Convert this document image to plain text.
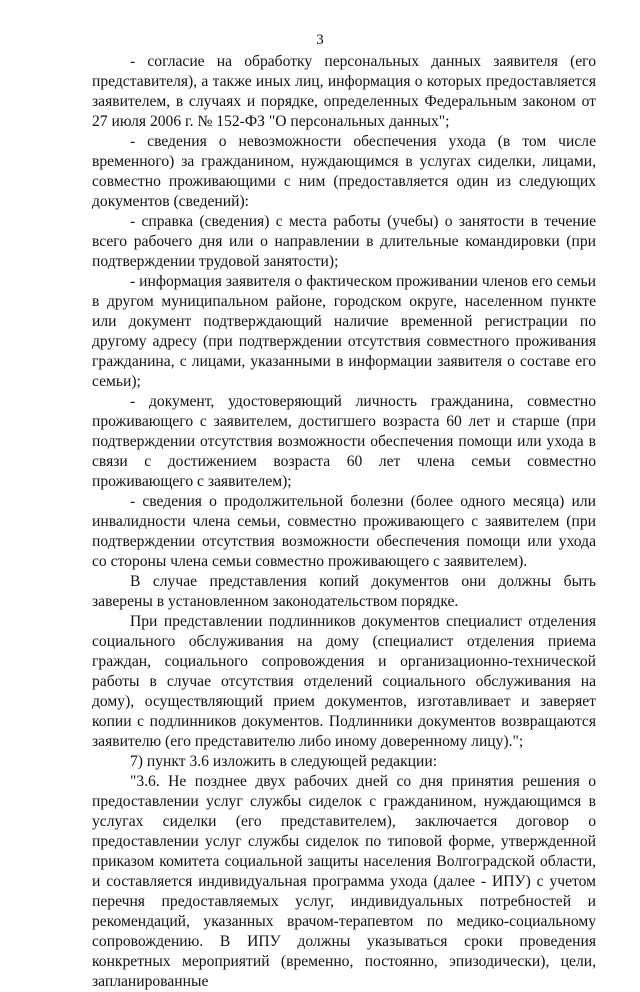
3

- согласие на обработку персональных данных заявителя (его представителя), а также иных лиц, информация о которых предоставляется заявителем, в случаях и порядке, определенных Федеральным законом от 27 июля 2006 г. № 152-ФЗ "О персональных данных";

- сведения о невозможности обеспечения ухода (в том числе временного) за гражданином, нуждающимся в услугах сиделки, лицами, совместно проживающими с ним (предоставляется один из следующих документов (сведений):

- справка (сведения) с места работы (учебы) о занятости в течение всего рабочего дня или о направлении в длительные командировки (при подтверждении трудовой занятости);

- информация заявителя о фактическом проживании членов его семьи в другом муниципальном районе, городском округе, населенном пункте или документ подтверждающий наличие временной регистрации по другому адресу (при подтверждении отсутствия совместного проживания гражданина, с лицами, указанными в информации заявителя о составе его семьи);

- документ, удостоверяющий личность гражданина, совместно проживающего с заявителем, достигшего возраста 60 лет и старше (при подтверждении отсутствия возможности обеспечения помощи или ухода в связи с достижением возраста 60 лет члена семьи совместно проживающего с заявителем);

- сведения о продолжительной болезни (более одного месяца) или инвалидности члена семьи, совместно проживающего с заявителем (при подтверждении отсутствия возможности обеспечения помощи или ухода со стороны члена семьи совместно проживающего с заявителем).

В случае представления копий документов они должны быть заверены в установленном законодательством порядке.

При представлении подлинников документов специалист отделения социального обслуживания на дому (специалист отделения приема граждан, социального сопровождения и организационно-технической работы в случае отсутствия отделений социального обслуживания на дому), осуществляющий прием документов, изготавливает и заверяет копии с подлинников документов. Подлинники документов возвращаются заявителю (его представителю либо иному доверенному лицу).";

7) пункт 3.6 изложить в следующей редакции:

"3.6. Не позднее двух рабочих дней со дня принятия решения о предоставлении услуг службы сиделок с гражданином, нуждающимся в услугах сиделки (его представителем), заключается договор о предоставлении услуг службы сиделок по типовой форме, утвержденной приказом комитета социальной защиты населения Волгоградской области, и составляется индивидуальная программа ухода (далее - ИПУ) с учетом перечня предоставляемых услуг, индивидуальных потребностей и рекомендаций, указанных врачом-терапевтом по медико-социальному сопровождению. В ИПУ должны указываться сроки проведения конкретных мероприятий (временно, постоянно, эпизодически), цели, запланированные
